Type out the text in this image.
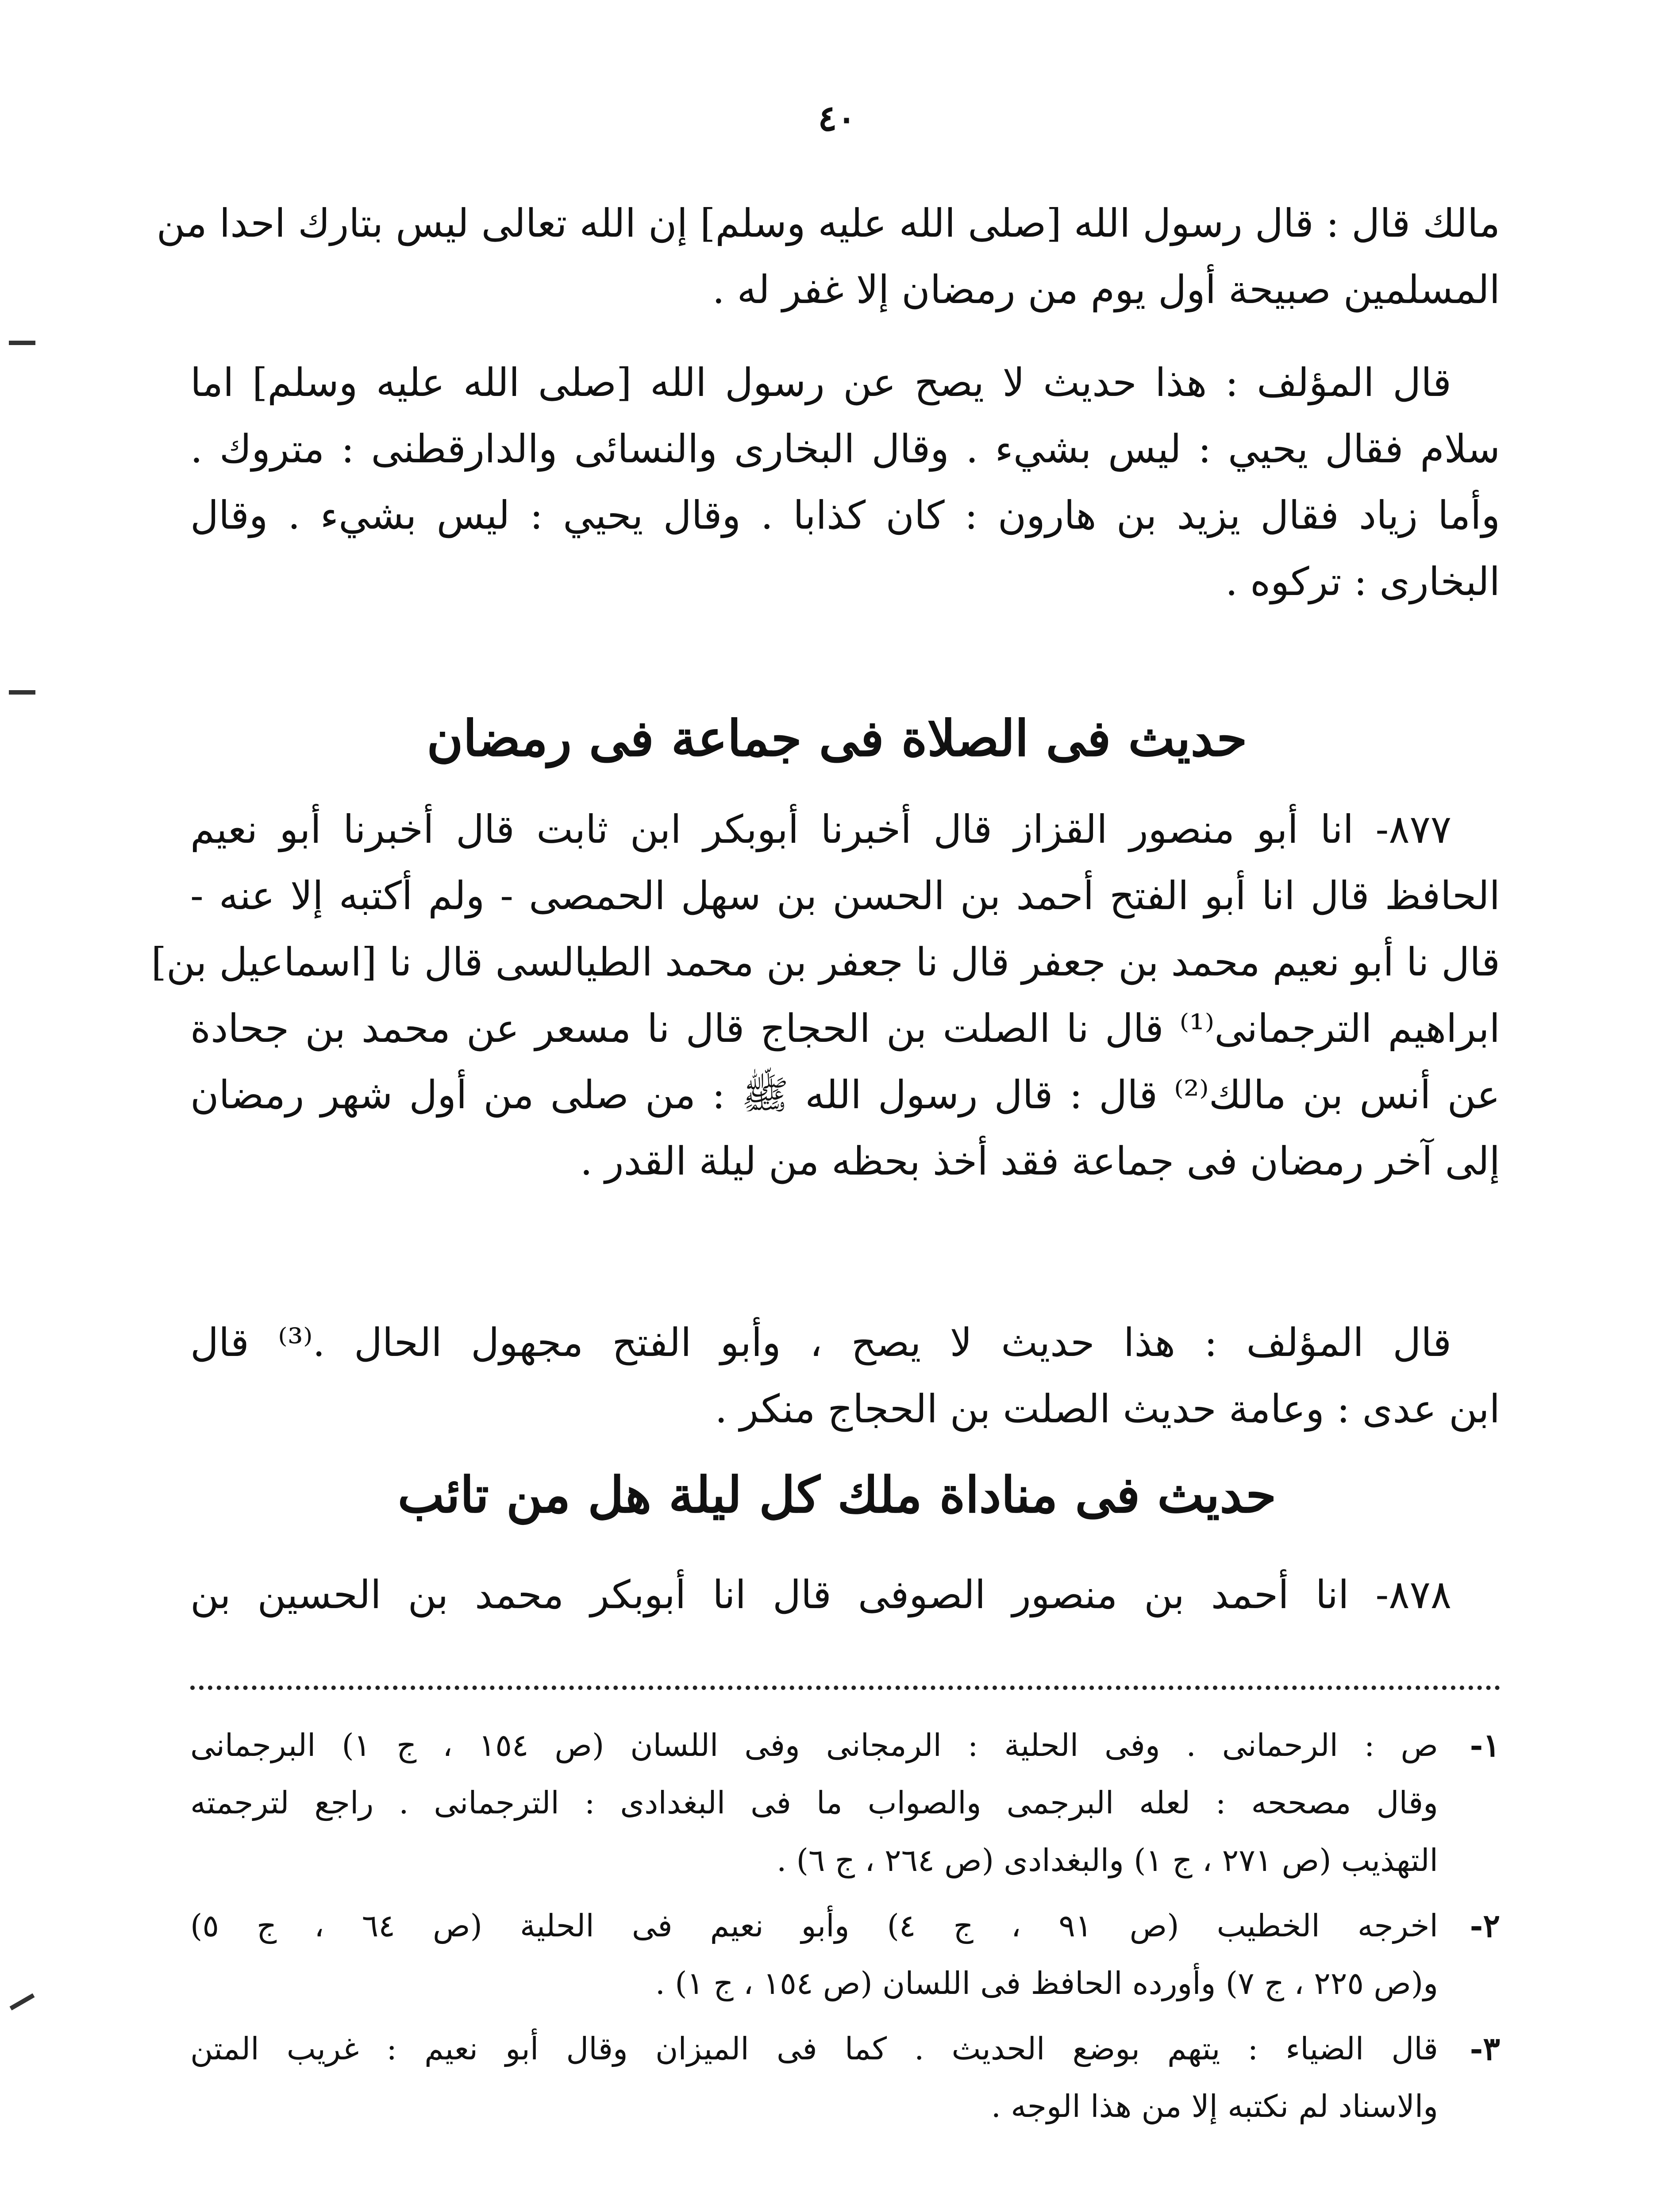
٤٠
مالك قال : قال رسول الله [صلى الله عليه وسلم] إن الله تعالى ليس بتارك احدا من
المسلمين صبيحة أول يوم من رمضان إلا غفر له .
قال المؤلف : هذا حديث لا يصح عن رسول الله [صلى الله عليه وسلم] اما
سلام فقال يحيي : ليس بشيء . وقال البخارى والنسائى والدارقطنى : متروك .
وأما زياد فقال يزيد بن هارون : كان كذابا . وقال يحيي : ليس بشيء . وقال
البخارى : تركوه .
حديث فى الصلاة فى جماعة فى رمضان
٨٧٧- انا أبو منصور القزاز قال أخبرنا أبوبكر ابن ثابت قال أخبرنا أبو نعيم
الحافظ قال انا أبو الفتح أحمد بن الحسن بن سهل الحمصى - ولم أكتبه إلا عنه -
قال نا أبو نعيم محمد بن جعفر قال نا جعفر بن محمد الطيالسى قال نا [اسماعيل بن]
ابراهيم الترجمانى⁽¹⁾ قال نا الصلت بن الحجاج قال نا مسعر عن محمد بن جحادة
عن أنس بن مالك⁽²⁾ قال : قال رسول الله ﷺ : من صلى من أول شهر رمضان
إلى آخر رمضان فى جماعة فقد أخذ بحظه من ليلة القدر .
قال المؤلف : هذا حديث لا يصح ، وأبو الفتح مجهول الحال .⁽³⁾ قال
ابن عدى : وعامة حديث الصلت بن الحجاج منكر .
حديث فى مناداة ملك كل ليلة هل من تائب
٨٧٨- انا أحمد بن منصور الصوفى قال انا أبوبكر محمد بن الحسين بن
١-
ص : الرحمانى . وفى الحلية : الرمجانى وفى اللسان (ص ١٥٤ ، ج ١) البرجمانى
وقال مصححه : لعله البرجمى والصواب ما فى البغدادى : الترجمانى . راجع لترجمته
التهذيب (ص ٢٧١ ، ج ١) والبغدادى (ص ٢٦٤ ، ج ٦) .
٢-
اخرجه الخطيب (ص ٩١ ، ج ٤) وأبو نعيم فى الحلية (ص ٦٤ ، ج ٥)
و(ص ٢٢٥ ، ج ٧) وأورده الحافظ فى اللسان (ص ١٥٤ ، ج ١) .
٣-
قال الضياء : يتهم بوضع الحديث . كما فى الميزان وقال أبو نعيم : غريب المتن
والاسناد لم نكتبه إلا من هذا الوجه .
